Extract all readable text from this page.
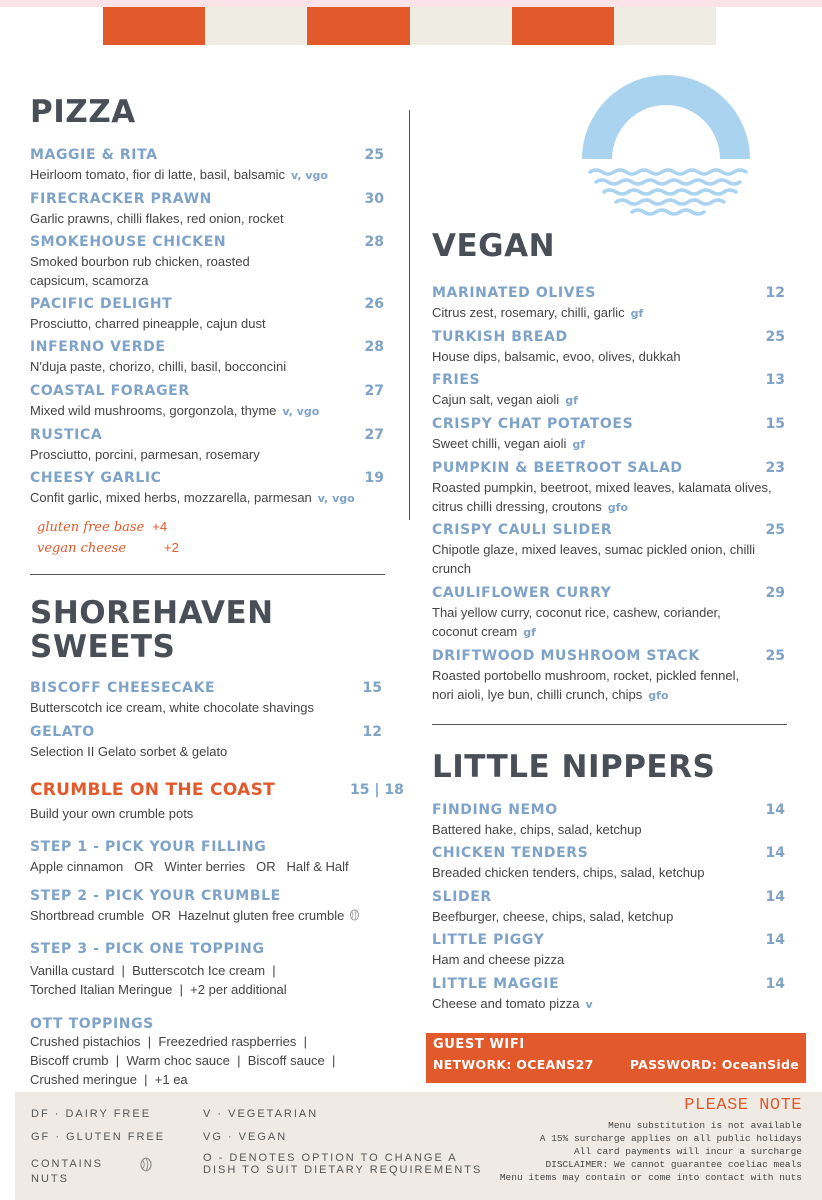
PIZZA
MAGGIE & RITA	25
Heirloom tomato, fior di latte, basil, balsamic v, vgo
FIRECRACKER PRAWN	30
Garlic prawns, chilli flakes, red onion, rocket
SMOKEHOUSE CHICKEN	28
Smoked bourbon rub chicken, roasted capsicum, scamorza
PACIFIC DELIGHT	26
Prosciutto, charred pineapple, cajun dust
INFERNO VERDE	28
N'duja paste, chorizo, chilli, basil, bocconcini
COASTAL FORAGER	27
Mixed wild mushrooms, gorgonzola, thyme v, vgo
RUSTICA	27
Prosciutto, porcini, parmesan, rosemary
CHEESY GARLIC	19
Confit garlic, mixed herbs, mozzarella, parmesan v, vgo
gluten free base +4
vegan cheese	+2
SHOREHAVEN
SWEETS
BISCOFF CHEESECAKE	15
Butterscotch ice cream, white chocolate shavings
GELATO	12
Selection II Gelato sorbet & gelato
CRUMBLE ON THE COAST	15 | 18
Build your own crumble pots
STEP 1 - PICK YOUR FILLING
Apple cinnamon   OR   Winter berries   OR   Half & Half
STEP 2 - PICK YOUR CRUMBLE
Shortbread crumble  OR  Hazelnut gluten free crumble
STEP 3 - PICK ONE TOPPING
Vanilla custard  |  Butterscotch Ice cream  |
Torched Italian Meringue  |  +2 per additional
OTT TOPPINGS
Crushed pistachios  |  Freezedried raspberries  |
Biscoff crumb  |  Warm choc sauce  |  Biscoff sauce  |
Crushed meringue  |  +1 ea
VEGAN
MARINATED OLIVES	12
Citrus zest, rosemary, chilli, garlic gf
TURKISH BREAD	25
House dips, balsamic, evoo, olives, dukkah
FRIES	13
Cajun salt, vegan aioli gf
CRISPY CHAT POTATOES	15
Sweet chilli, vegan aioli gf
PUMPKIN & BEETROOT SALAD	23
Roasted pumpkin, beetroot, mixed leaves, kalamata olives, citrus chilli dressing, croutons gfo
CRISPY CAULI SLIDER	25
Chipotle glaze, mixed leaves, sumac pickled onion, chilli crunch
CAULIFLOWER CURRY	29
Thai yellow curry, coconut rice, cashew, coriander, coconut cream gf
DRIFTWOOD MUSHROOM STACK	25
Roasted portobello mushroom, rocket, pickled fennel, nori aioli, lye bun, chilli crunch, chips gfo
LITTLE NIPPERS
FINDING NEMO	14
Battered hake, chips, salad, ketchup
CHICKEN TENDERS	14
Breaded chicken tenders, chips, salad, ketchup
SLIDER	14
Beefburger, cheese, chips, salad, ketchup
LITTLE PIGGY	14
Ham and cheese pizza
LITTLE MAGGIE	14
Cheese and tomato pizza v
GUEST WIFI
NETWORK: OCEANS27	PASSWORD: OceanSide
DF · DAIRY FREE
GF · GLUTEN FREE
CONTAINS
NUTS
V · VEGETARIAN
VG · VEGAN
O - DENOTES OPTION TO CHANGE A
DISH TO SUIT DIETARY REQUIREMENTS
PLEASE NOTE
Menu substitution is not available
A 15% surcharge applies on all public holidays
All card payments will incur a surcharge
DISCLAIMER: We cannot guarantee coeliac meals
Menu items may contain or come into contact with nuts
